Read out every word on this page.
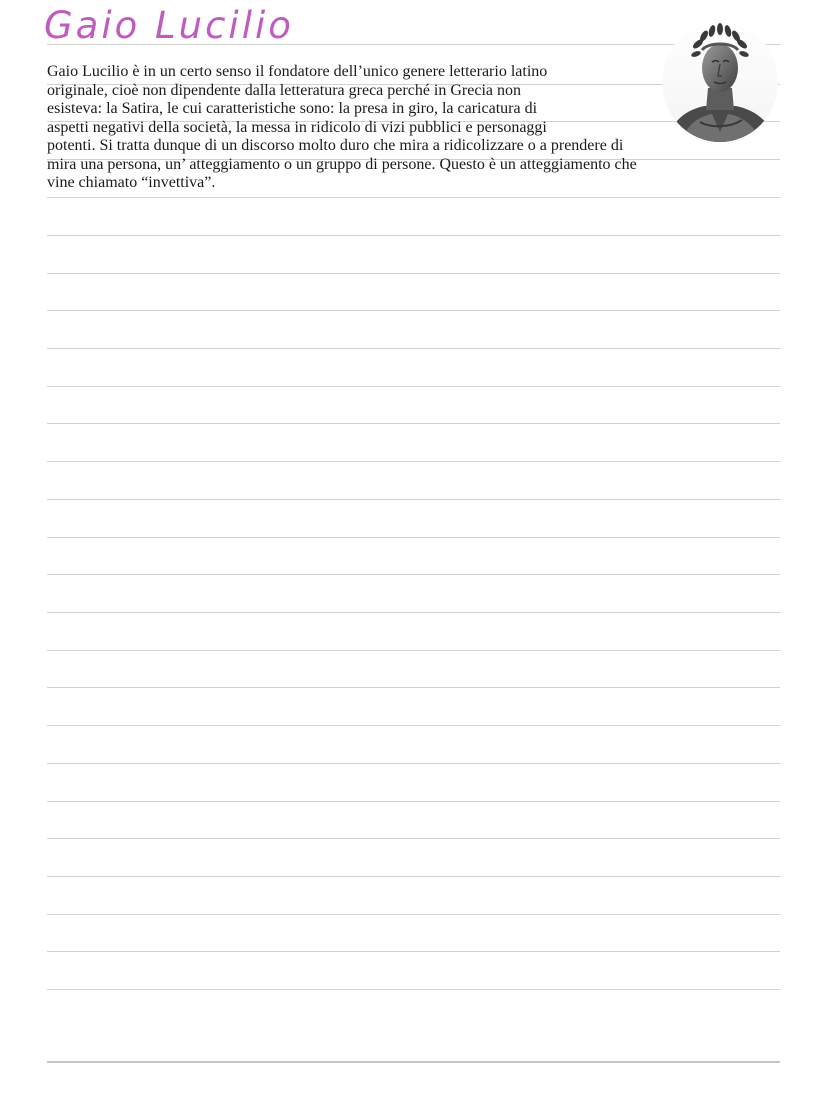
Gaio Lucilio
Gaio Lucilio è in un certo senso il fondatore dell’unico genere letterario latino
originale, cioè non dipendente dalla letteratura greca perché in Grecia non
esisteva: la Satira, le cui caratteristiche sono: la presa in giro, la caricatura di
aspetti negativi della società, la messa in ridicolo di vizi pubblici e personaggi
potenti. Si tratta dunque di un discorso molto duro che mira a ridicolizzare o a prendere di
mira una persona, un’ atteggiamento o un gruppo di persone. Questo è un atteggiamento che
vine chiamato “invettiva”.
